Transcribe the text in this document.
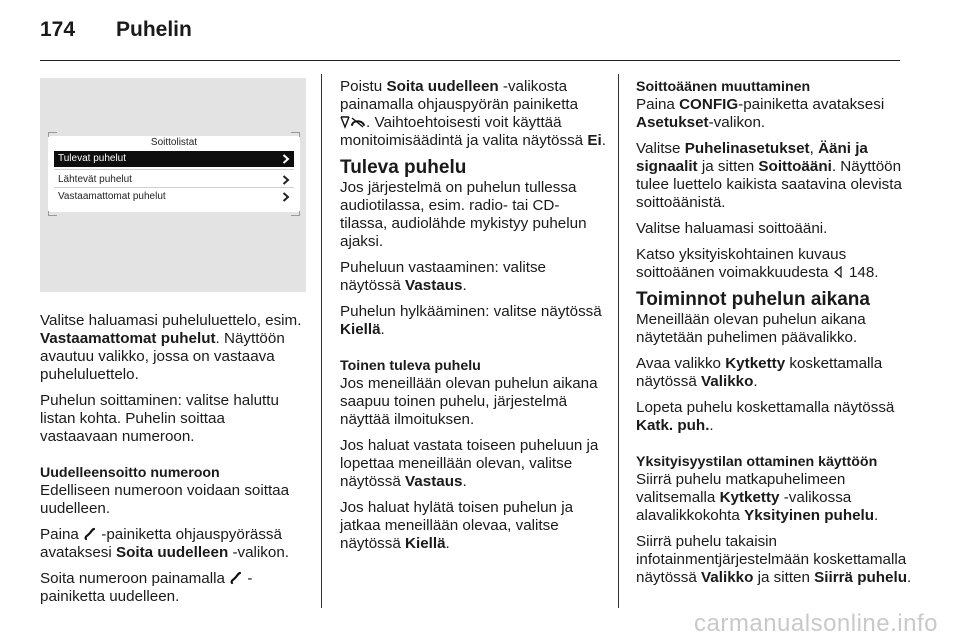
174 Puhelin
Soittolistat
Tulevat puhelut
Lähtevät puhelut
Vastaamattomat puhelut

Valitse haluamasi puheluluettelo, esim. Vastaamattomat puhelut. Näyttöön avautuu valikko, jossa on vastaava puheluluettelo.

Puhelun soittaminen: valitse haluttu listan kohta. Puhelin soittaa vastaavaan numeroon.

Uudelleensoitto numeroon

Edelliseen numeroon voidaan soittaa uudelleen.

Paina
-painiketta ohjauspyörässä avataksesi Soita uudelleen -valikon.

Soita numeroon painamalla
-painiketta uudelleen.

Poistu Soita uudelleen -valikosta painamalla ohjauspyörän painiketta
. Vaihtoehtoisesti voit käyttää monitoimisäädintä ja valita näytössä Ei.

Tuleva puhelu

Jos järjestelmä on puhelun tullessa audiotilassa, esim. radio- tai CD-tilassa, audiolähde mykistyy puhelun ajaksi.

Puheluun vastaaminen: valitse näytössä Vastaus.

Puhelun hylkääminen: valitse näytössä Kiellä.

Toinen tuleva puhelu

Jos meneillään olevan puhelun aikana saapuu toinen puhelu, järjestelmä näyttää ilmoituksen.

Jos haluat vastata toiseen puheluun ja lopettaa meneillään olevan, valitse näytössä Vastaus.

Jos haluat hylätä toisen puhelun ja jatkaa meneillään olevaa, valitse näytössä Kiellä.

Soittoäänen muuttaminen

Paina CONFIG-painiketta avataksesi Asetukset-valikon.

Valitse Puhelinasetukset, Ääni ja signaalit ja sitten Soittoääni. Näyttöön tulee luettelo kaikista saatavina olevista soittoäänistä.

Valitse haluamasi soittoääni.

Katso yksityiskohtainen kuvaus soittoäänen voimakkuudesta
148.

Toiminnot puhelun aikana

Meneillään olevan puhelun aikana näytetään puhelimen päävalikko.

Avaa valikko Kytketty koskettamalla näytössä Valikko.

Lopeta puhelu koskettamalla näytössä Katk. puh..

Yksityisyystilan ottaminen käyttöön

Siirrä puhelu matkapuhelimeen valitsemalla Kytketty -valikossa alavalikkokohta Yksityinen puhelu.

Siirrä puhelu takaisin infotainmentjärjestelmään koskettamalla näytössä Valikko ja sitten Siirrä puhelu.

carmanualsonline.info
